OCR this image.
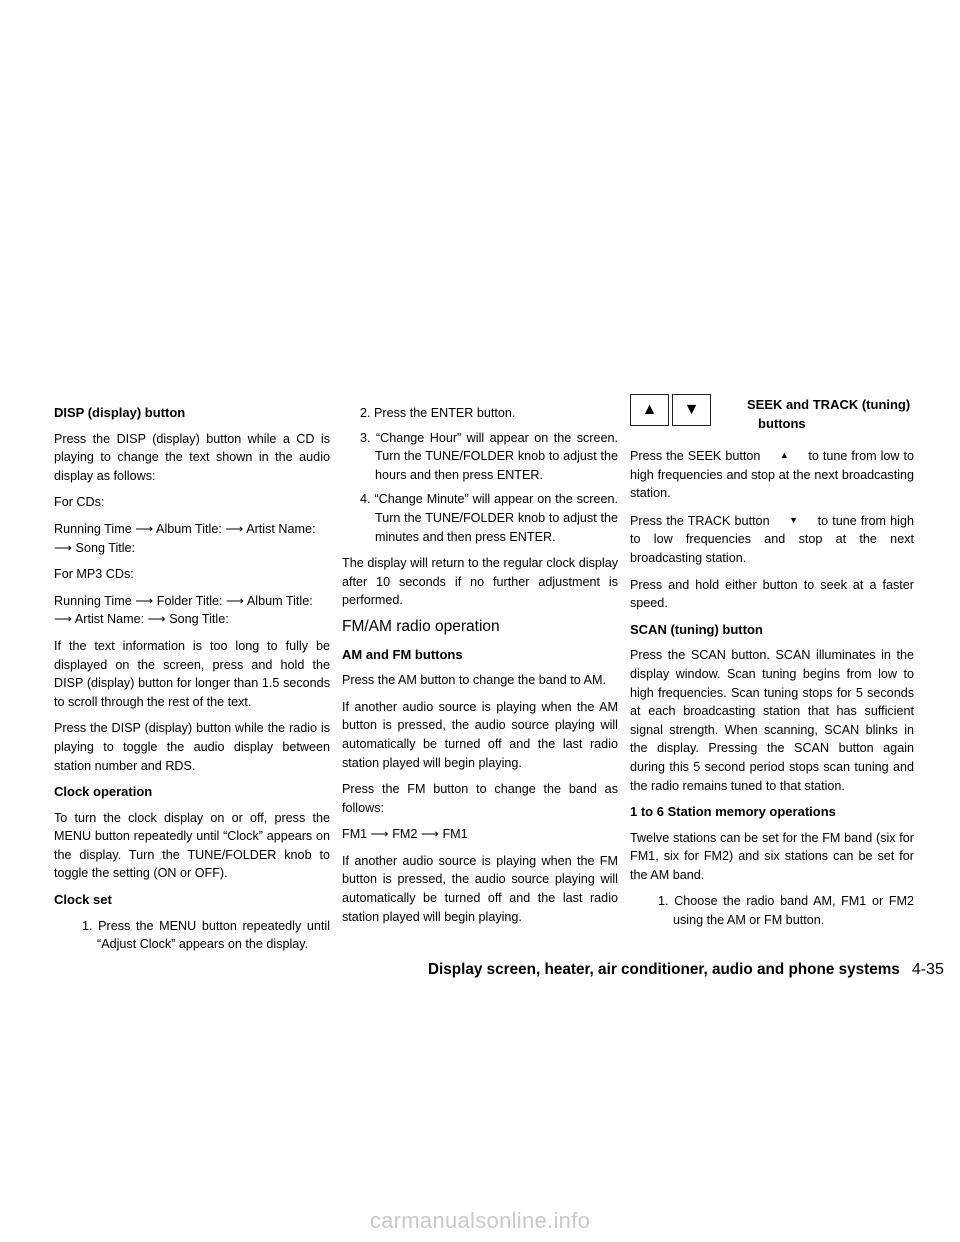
DISP (display) button

Press the DISP (display) button while a CD is playing to change the text shown in the audio display as follows:

For CDs:

Running Time ⟶ Album Title: ⟶ Artist Name: ⟶ Song Title:

For MP3 CDs:

Running Time ⟶ Folder Title: ⟶ Album Title: ⟶ Artist Name: ⟶ Song Title:

If the text information is too long to fully be displayed on the screen, press and hold the DISP (display) button for longer than 1.5 seconds to scroll through the rest of the text.

Press the DISP (display) button while the radio is playing to toggle the audio display between station number and RDS.

Clock operation

To turn the clock display on or off, press the MENU button repeatedly until “Clock” appears on the display. Turn the TUNE/FOLDER knob to toggle the setting (ON or OFF).

Clock set
1. Press the MENU button repeatedly until “Adjust Clock” appears on the display.
2. Press the ENTER button.
3. “Change Hour” will appear on the screen. Turn the TUNE/FOLDER knob to adjust the hours and then press ENTER.
4. “Change Minute” will appear on the screen. Turn the TUNE/FOLDER knob to adjust the minutes and then press ENTER.

The display will return to the regular clock display after 10 seconds if no further adjustment is performed.

FM/AM radio operation
AM and FM buttons

Press the AM button to change the band to AM.

If another audio source is playing when the AM button is pressed, the audio source playing will automatically be turned off and the last radio station played will begin playing.

Press the FM button to change the band as follows:

FM1 ⟶ FM2 ⟶ FM1

If another audio source is playing when the FM button is pressed, the audio source playing will automatically be turned off and the last radio station played will begin playing.

▲ ▼	SEEK and TRACK (tuning)
buttons

Press the SEEK button ▲ to tune from low to high frequencies and stop at the next broadcasting station.

Press the TRACK button ▼ to tune from high to low frequencies and stop at the next broadcasting station.

Press and hold either button to seek at a faster speed.

SCAN (tuning) button

Press the SCAN button. SCAN illuminates in the display window. Scan tuning begins from low to high frequencies. Scan tuning stops for 5 seconds at each broadcasting station that has sufficient signal strength. When scanning, SCAN blinks in the display. Pressing the SCAN button again during this 5 second period stops scan tuning and the radio remains tuned to that station.

1 to 6 Station memory operations

Twelve stations can be set for the FM band (six for FM1, six for FM2) and six stations can be set for the AM band.

1. Choose the radio band AM, FM1 or FM2 using the AM or FM button.
Display screen, heater, air conditioner, audio and phone systems 4-35
carmanualsonline.info
